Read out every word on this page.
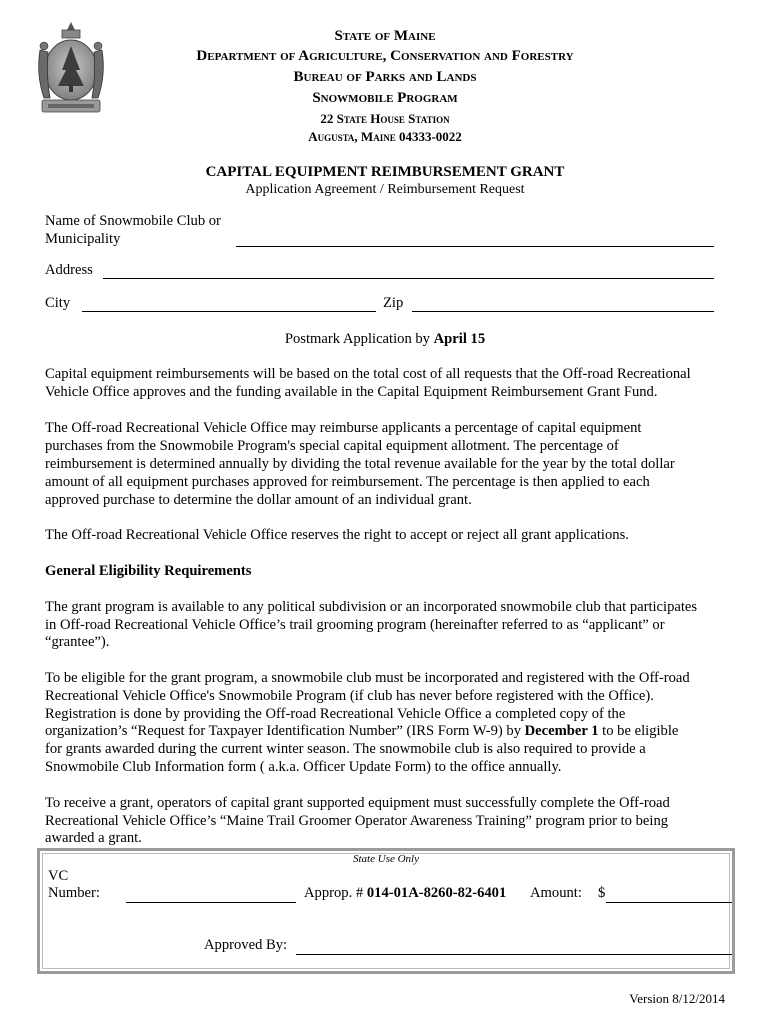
State of Maine
Department of Agriculture, Conservation and Forestry
Bureau of Parks and Lands
Snowmobile Program
22 State House Station
Augusta, Maine 04333-0022
CAPITAL EQUIPMENT REIMBURSEMENT GRANT
Application Agreement / Reimbursement Request
Name of Snowmobile Club or
Municipality
Address
City	Zip
Postmark Application by April 15
Capital equipment reimbursements will be based on the total cost of all requests that the Off-road Recreational
Vehicle Office approves and the funding available in the Capital Equipment Reimbursement Grant Fund.
The Off-road Recreational Vehicle Office may reimburse applicants a percentage of capital equipment
purchases from the Snowmobile Program's special capital equipment allotment. The percentage of
reimbursement is determined annually by dividing the total revenue available for the year by the total dollar
amount of all equipment purchases approved for reimbursement. The percentage is then applied to each
approved purchase to determine the dollar amount of an individual grant.
The Off-road Recreational Vehicle Office reserves the right to accept or reject all grant applications.
General Eligibility Requirements
The grant program is available to any political subdivision or an incorporated snowmobile club that participates
in Off-road Recreational Vehicle Office’s trail grooming program (hereinafter referred to as “applicant” or
“grantee”).
To be eligible for the grant program, a snowmobile club must be incorporated and registered with the Off-road
Recreational Vehicle Office's Snowmobile Program (if club has never before registered with the Office).
Registration is done by providing the Off-road Recreational Vehicle Office a completed copy of the
organization’s “Request for Taxpayer Identification Number” (IRS Form W-9) by December 1 to be eligible
for grants awarded during the current winter season. The snowmobile club is also required to provide a
Snowmobile Club Information form ( a.k.a. Officer Update Form) to the office annually.
To receive a grant, operators of capital grant supported equipment must successfully complete the Off-road
Recreational Vehicle Office’s “Maine Trail Groomer Operator Awareness Training” program prior to being
awarded a grant.
State Use Only
VC
Number:	Approp. # 014-01A-8260-82-6401 Amount: $
Approved By:
Version 8/12/2014
